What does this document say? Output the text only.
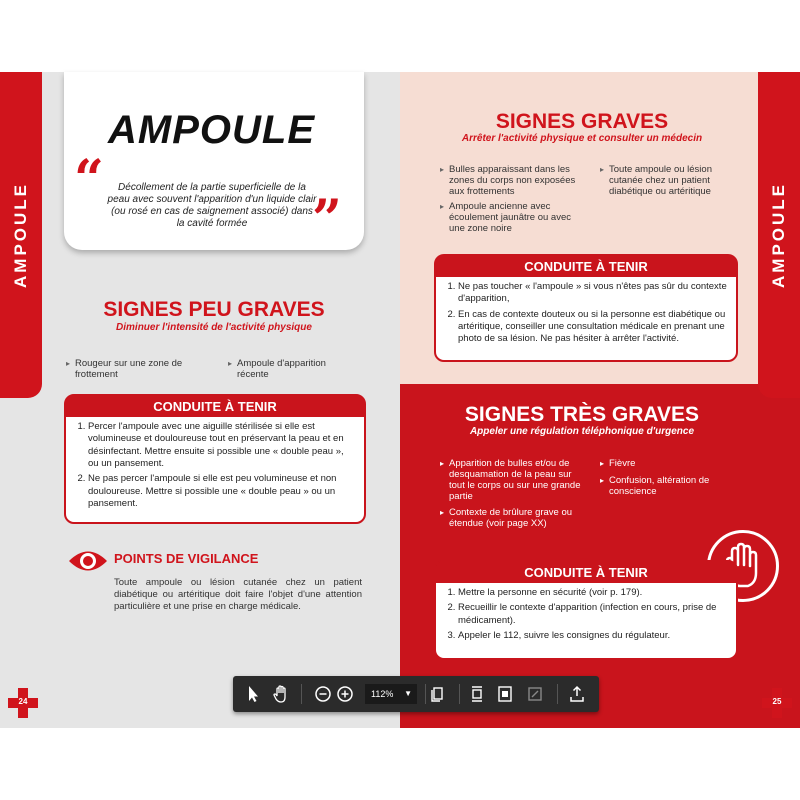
AMPOULE	AMPOULE
AMPOULE
“	Décollement de la partie superficielle de la peau avec souvent l'apparition d'un liquide clair (ou rosé en cas de saignement associé) dans la cavité formée	”
SIGNES PEU GRAVES
Diminuer l'intensité de l'activité physique
▸ Rougeur sur une zone de frottement
▸ Ampoule d'apparition récente
CONDUITE À TENIR
1. Percer l'ampoule avec une aiguille stérilisée si elle est volumineuse et douloureuse tout en préservant la peau et en désinfectant. Mettre ensuite si possible une « double peau », ou un pansement.
2. Ne pas percer l'ampoule si elle est peu volumineuse et non douloureuse. Mettre si possible une « double peau » ou un pansement.
POINTS DE VIGILANCE
Toute ampoule ou lésion cutanée chez un patient diabétique ou artéritique doit faire l'objet d'une attention particulière et une prise en charge médicale.
SIGNES GRAVES
Arrêter l'activité physique et consulter un médecin
▸ Bulles apparaissant dans les zones du corps non exposées aux frottements
▸ Ampoule ancienne avec écoulement jaunâtre ou avec une zone noire
▸ Toute ampoule ou lésion cutanée chez un patient diabétique ou artéritique
CONDUITE À TENIR
1. Ne pas toucher « l'ampoule » si vous n'êtes pas sûr du contexte d'apparition,
2. En cas de contexte douteux ou si la personne est diabétique ou artéritique, conseiller une consultation médicale en prenant une photo de sa lésion. Ne pas hésiter à arrêter l'activité.
SIGNES TRÈS GRAVES
Appeler une régulation téléphonique d'urgence
▸ Apparition de bulles et/ou de desquamation de la peau sur tout le corps ou sur une grande partie
▸ Contexte de brûlure grave ou étendue (voir page XX)
▸ Fièvre
▸ Confusion, altération de conscience
CONDUITE À TENIR
1. Mettre la personne en sécurité (voir p. 179).
2. Recueillir le contexte d'apparition (infection en cours, prise de médicament).
3. Appeler le 112, suivre les consignes du régulateur.
24	25
112% ▼
